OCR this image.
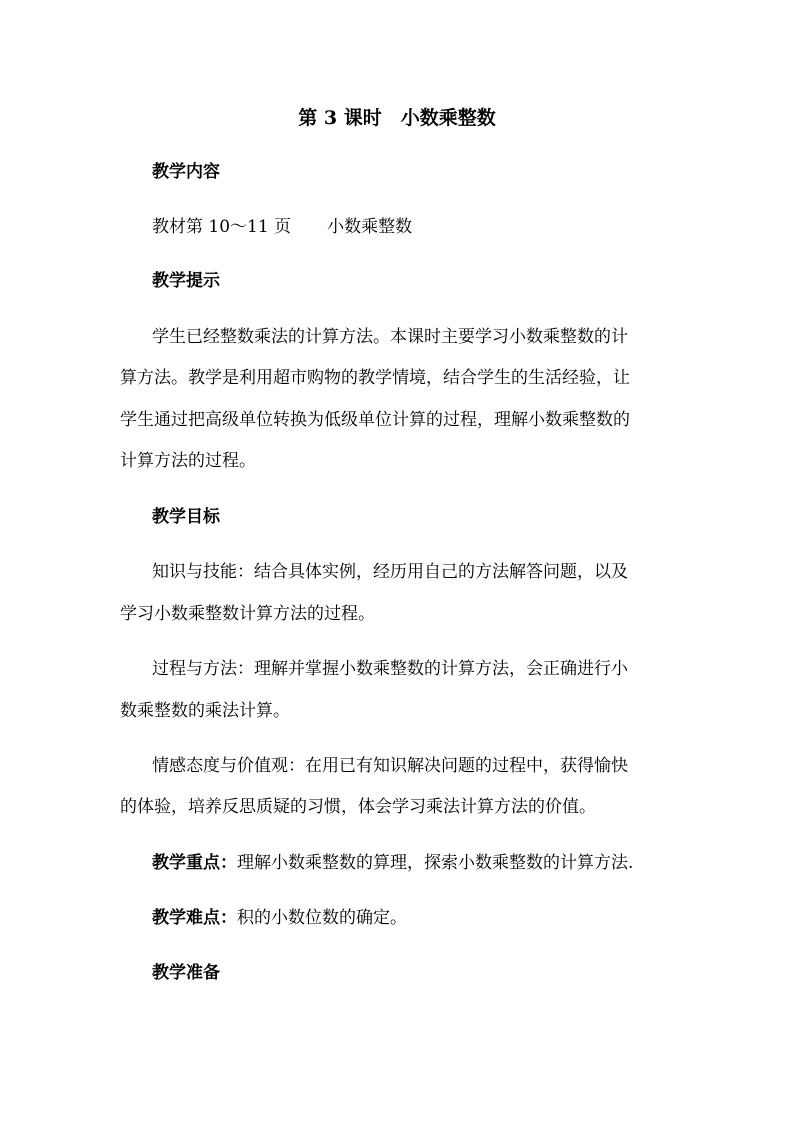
第 3 课时　小数乘整数
教学内容
教材第 10～11 页 小数乘整数
教学提示
学生已经整数乘法的计算方法。本课时主要学习小数乘整数的计
算方法。教学是利用超市购物的教学情境，结合学生的生活经验，让
学生通过把高级单位转换为低级单位计算的过程，理解小数乘整数的
计算方法的过程。
教学目标
知识与技能：结合具体实例，经历用自己的方法解答问题，以及
学习小数乘整数计算方法的过程。
过程与方法：理解并掌握小数乘整数的计算方法，会正确进行小
数乘整数的乘法计算。
情感态度与价值观：在用已有知识解决问题的过程中，获得愉快
的体验，培养反思质疑的习惯，体会学习乘法计算方法的价值。
教学重点：理解小数乘整数的算理，探索小数乘整数的计算方法.
教学难点：积的小数位数的确定。
教学准备
